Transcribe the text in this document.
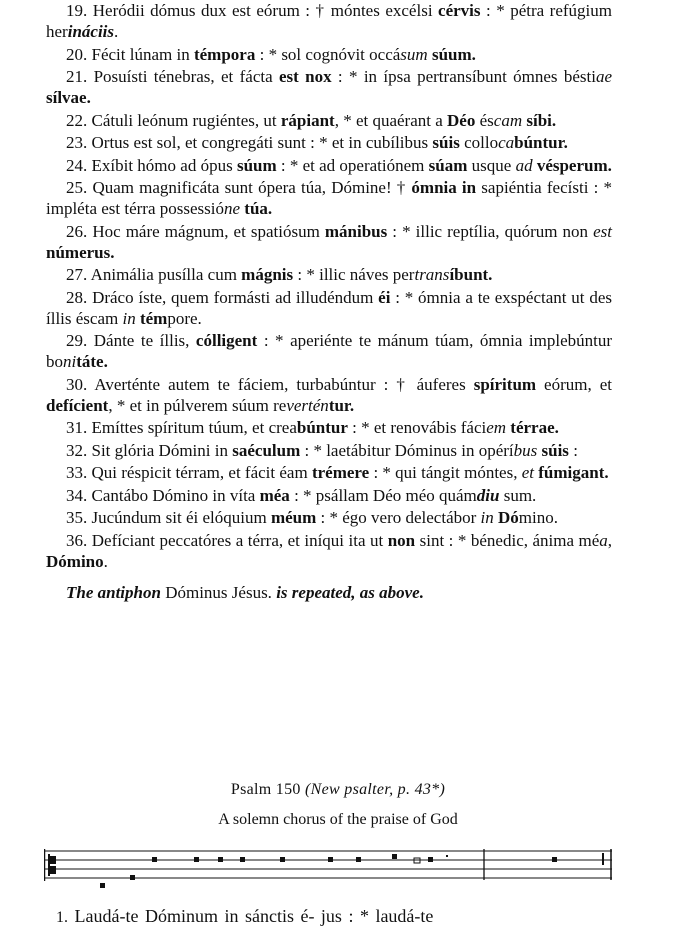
19. Heródii dómus dux est eórum : † móntes excélsi cérvis : * pétra refúgium herináciis.

20. Fécit lúnam in témpora : * sol cognóvit occásum súum.

21. Posuísti ténebras, et fácta est nox : * in ípsa pertransíbunt ómnes béstiae sílvae.

22. Cátuli leónum rugiéntes, ut rápiant, * et quaérant a Déo éscam síbi.

23. Ortus est sol, et congregáti sunt : * et in cubílibus súis collocabúntur.

24. Exíbit hómo ad ópus súum : * et ad operatiónem súam usque ad vésperum.

25. Quam magnificáta sunt ópera túa, Dómine! † ómnia in sapiéntia fecísti : * impléta est térra possessióne túa.

26. Hoc máre mágnum, et spatiósum mánibus : * illic reptília, quórum non est númerus.

27. Animália pusílla cum mágnis : * illic náves pertransíbunt.

28. Dráco íste, quem formásti ad illudéndum éi : * ómnia a te exspéctant ut des íllis éscam in témpore.

29. Dánte te íllis, cólligent : * aperiénte te mánum túam, ómnia implebúntur bonitáte.

30. Averténte autem te fáciem, turbabúntur : † áuferes spíritum eórum, et defícient, * et in púlverem súum reverténtur.

31. Emíttes spíritum túum, et creabúntur : * et renovábis fáciem térrae.

32. Sit glória Dómini in saéculum : * laetábitur Dóminus in opéríbus súis :

33. Qui réspicit térram, et fácit éam trémere : * qui tángit móntes, et fúmigant.

34. Cantábo Dómino in víta méa : * psállam Déo méo quámdiu sum.

35. Jucúndum sit éi elóquium méum : * égo vero delectábor in Dómino.

36. Defíciant peccatóres a térra, et iníqui ita ut non sint : * bénedic, ánima méa, Dómino.

The antiphon Dóminus Jésus. is repeated, as above.

Psalm 150 (New psalter, p. 43*)
A solemn chorus of the praise of God
1. Laudá-te Dóminum in sánctis é- jus : * laudá-te
